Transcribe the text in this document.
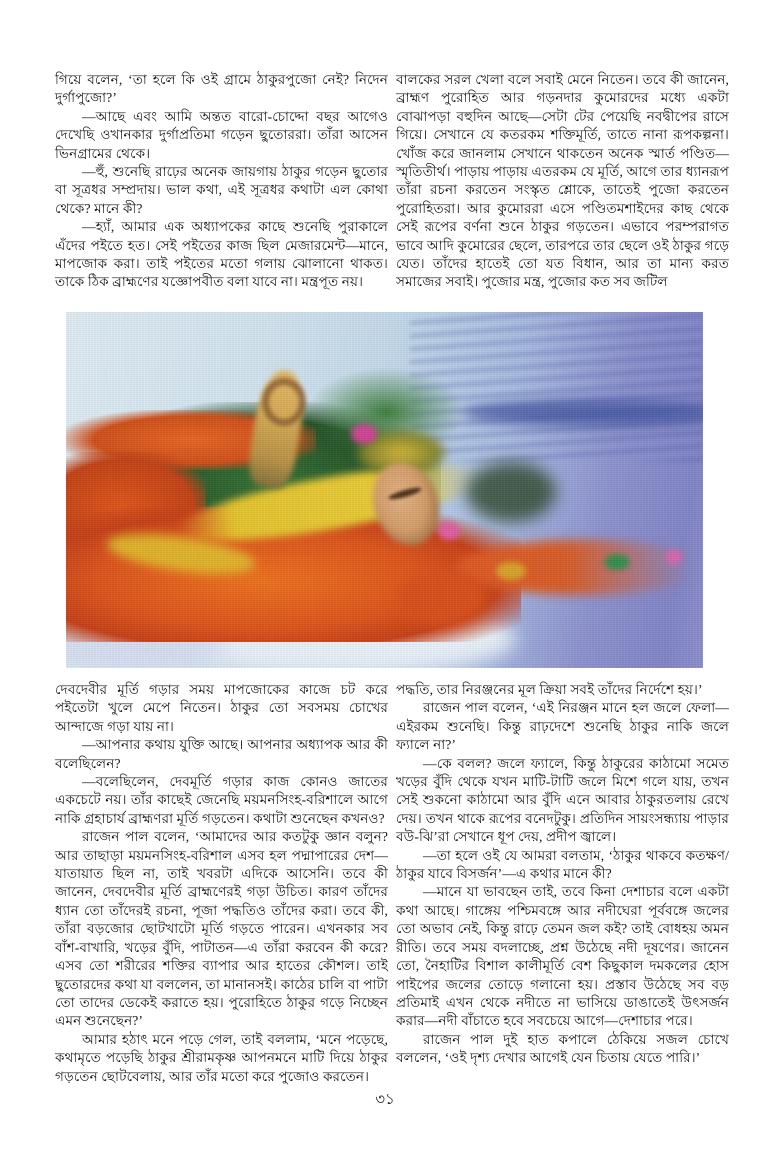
গিয়ে বলেন, ‘তা হলে কি ওই গ্রামে ঠাকুরপুজো নেই? নিদেন দুর্গাপুজো?’

—আছে এবং আমি অন্তত বারো-চোদ্দো বছর আগেও দেখেছি ওখানকার দুর্গাপ্রতিমা গড়েন ছুতোররা। তাঁরা আসেন ভিনগ্রামের থেকে।

—হুঁ, শুনেছি রাঢ়ের অনেক জায়গায় ঠাকুর গড়েন ছুতোর বা সূত্রধর সম্প্রদায়। ভাল কথা, এই সূত্রধর কথাটা এল কোথা থেকে? মানে কী?

—হ্যাঁ, আমার এক অধ্যাপকের কাছে শুনেছি পুরাকালে এঁদের পইতে হত। সেই পইতের কাজ ছিল মেজারমেন্ট—মানে, মাপজোক করা। তাই পইতের মতো গলায় ঝোলানো থাকত। তাকে ঠিক ব্রাহ্মণের যজ্ঞোপবীত বলা যাবে না। মন্ত্রপূত নয়।

বালকের সরল খেলা বলে সবাই মেনে নিতেন। তবে কী জানেন, ব্রাহ্মণ পুরোহিত আর গড়নদার কুমোরদের মধ্যে একটা বোঝাপড়া বহুদিন আছে—সেটা টের পেয়েছি নবদ্বীপের রাসে গিয়ে। সেখানে যে কতরকম শক্তিমূর্তি, তাতে নানা রূপকল্পনা। খোঁজ করে জানলাম সেখানে থাকতেন অনেক স্মার্ত পণ্ডিত—স্মৃতিতীর্থ। পাড়ায় পাড়ায় এতরকম যে মূর্তি, আগে তার ধ্যানরূপ তাঁরা রচনা করতেন সংস্কৃত শ্লোকে, তাতেই পুজো করতেন পুরোহিতরা। আর কুমোররা এসে পণ্ডিতমশাইদের কাছ থেকে সেই রূপের বর্ণনা শুনে ঠাকুর গড়তেন। এভাবে পরম্পরাগত ভাবে আদি কুমোরের ছেলে, তারপরে তার ছেলে ওই ঠাকুর গড়ে যেত। তাঁদের হাতেই তো যত বিধান, আর তা মান্য করত সমাজের সবাই। পুজোর মন্ত্র, পুজোর কত সব জটিল

দেবদেবীর মূর্তি গড়ার সময় মাপজোকের কাজে চট করে পইতেটা খুলে মেপে নিতেন। ঠাকুর তো সবসময় চোখের আন্দাজে গড়া যায় না।

—আপনার কথায় যুক্তি আছে। আপনার অধ্যাপক আর কী বলেছিলেন?

—বলেছিলেন, দেবমূর্তি গড়ার কাজ কোনও জাতের একচেটে নয়। তাঁর কাছেই জেনেছি ময়মনসিংহ-বরিশালে আগে নাকি গ্রহাচার্য ব্রাহ্মণরা মূর্তি গড়তেন। কথাটা শুনেছেন কখনও?

রাজেন পাল বলেন, ‘আমাদের আর কতটুকু জ্ঞান বলুন? আর তাছাড়া ময়মনসিংহ-বরিশাল এসব হল পদ্মাপারের দেশ—যাতায়াত ছিল না, তাই খবরটা এদিকে আসেনি। তবে কী জানেন, দেবদেবীর মূর্তি ব্রাহ্মণেরই গড়া উচিত। কারণ তাঁদের ধ্যান তো তাঁদেরই রচনা, পূজা পদ্ধতিও তাঁদের করা। তবে কী, তাঁরা বড়জোর ছোটখাটো মূর্তি গড়তে পারেন। এখনকার সব বাঁশ-বাখারি, খড়ের বুঁদি, পাটাতন—এ তাঁরা করবেন কী করে? এসব তো শরীরের শক্তির ব্যাপার আর হাতের কৌশল। তাই ছুতোরদের কথা যা বললেন, তা মানানসই। কাঠের চালি বা পাটা তো তাদের ডেকেই করাতে হয়। পুরোহিতে ঠাকুর গড়ে নিচ্ছেন এমন শুনেছেন?’

আমার হঠাৎ মনে পড়ে গেল, তাই বললাম, ‘মনে পড়েছে, কথামৃতে পড়েছি ঠাকুর শ্রীরামকৃষ্ণ আপনমনে মাটি দিয়ে ঠাকুর গড়তেন ছোটবেলায়, আর তাঁর মতো করে পুজোও করতেন।

পদ্ধতি, তার নিরঞ্জনের মূল ক্রিয়া সবই তাঁদের নির্দেশে হয়।’

রাজেন পাল বলেন, ‘এই নিরঞ্জন মানে হল জলে ফেলা—এইরকম শুনেছি। কিন্তু রাঢ়দেশে শুনেছি ঠাকুর নাকি জলে ফ্যালে না?’

—কে বলল? জলে ফ্যালে, কিন্তু ঠাকুরের কাঠামো সমেত খড়ের বুঁদি থেকে যখন মাটি-টাটি জলে মিশে গলে যায়, তখন সেই শুকনো কাঠামো আর বুঁদি এনে আবার ঠাকুরতলায় রেখে দেয়। তখন থাকে রূপের বনেদটুকু। প্রতিদিন সায়ংসন্ধ্যায় পাড়ার বউ-ঝি’রা সেখানে ধূপ দেয়, প্রদীপ জ্বালে।

—তা হলে ওই যে আমরা বলতাম, ‘ঠাকুর থাকবে কতক্ষণ/ঠাকুর যাবে বিসর্জন’—এ কথার মানে কী?

—মানে যা ভাবছেন তাই, তবে কিনা দেশাচার বলে একটা কথা আছে। গাঙ্গেয় পশ্চিমবঙ্গে আর নদীঘেরা পূর্ববঙ্গে জলের তো অভাব নেই, কিন্তু রাঢ়ে তেমন জল কই? তাই বোধহয় অমন রীতি। তবে সময় বদলাচ্ছে, প্রশ্ন উঠেছে নদী দূষণের। জানেন তো, নৈহাটির বিশাল কালীমূর্তি বেশ কিছুকাল দমকলের হোস পাইপের জলের তোড়ে গলানো হয়। প্রস্তাব উঠেছে সব বড় প্রতিমাই এখন থেকে নদীতে না ভাসিয়ে ডাঙাতেই উৎসর্জন করার—নদী বাঁচাতে হবে সবচেয়ে আগে—দেশাচার পরে।

রাজেন পাল দুই হাত কপালে ঠেকিয়ে সজল চোখে বললেন, ‘ওই দৃশ্য দেখার আগেই যেন চিতায় যেতে পারি।’

৩১
